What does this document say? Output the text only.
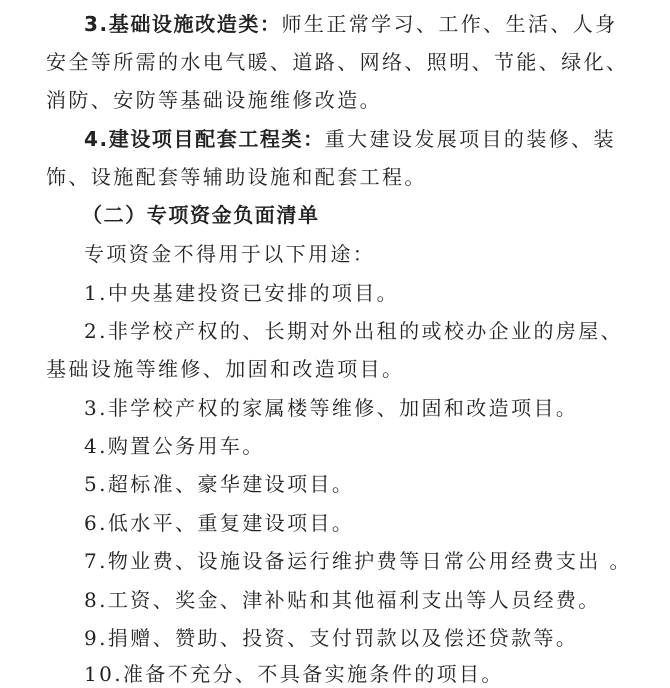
3.基础设施改造类：师生正常学习、工作、生活、人身
安全等所需的水电气暖、道路、网络、照明、节能、绿化、
消防、安防等基础设施维修改造。
4.建设项目配套工程类：重大建设发展项目的装修、装
饰、设施配套等辅助设施和配套工程。
（二）专项资金负面清单
专项资金不得用于以下用途：
1.中央基建投资已安排的项目。
2.非学校产权的、长期对外出租的或校办企业的房屋、
基础设施等维修、加固和改造项目。
3.非学校产权的家属楼等维修、加固和改造项目。
4.购置公务用车。
5.超标准、豪华建设项目。
6.低水平、重复建设项目。
7.物业费、设施设备运行维护费等日常公用经费支出 。
8.工资、奖金、津补贴和其他福利支出等人员经费。
9.捐赠、赞助、投资、支付罚款以及偿还贷款等。
10.准备不充分、不具备实施条件的项目。
